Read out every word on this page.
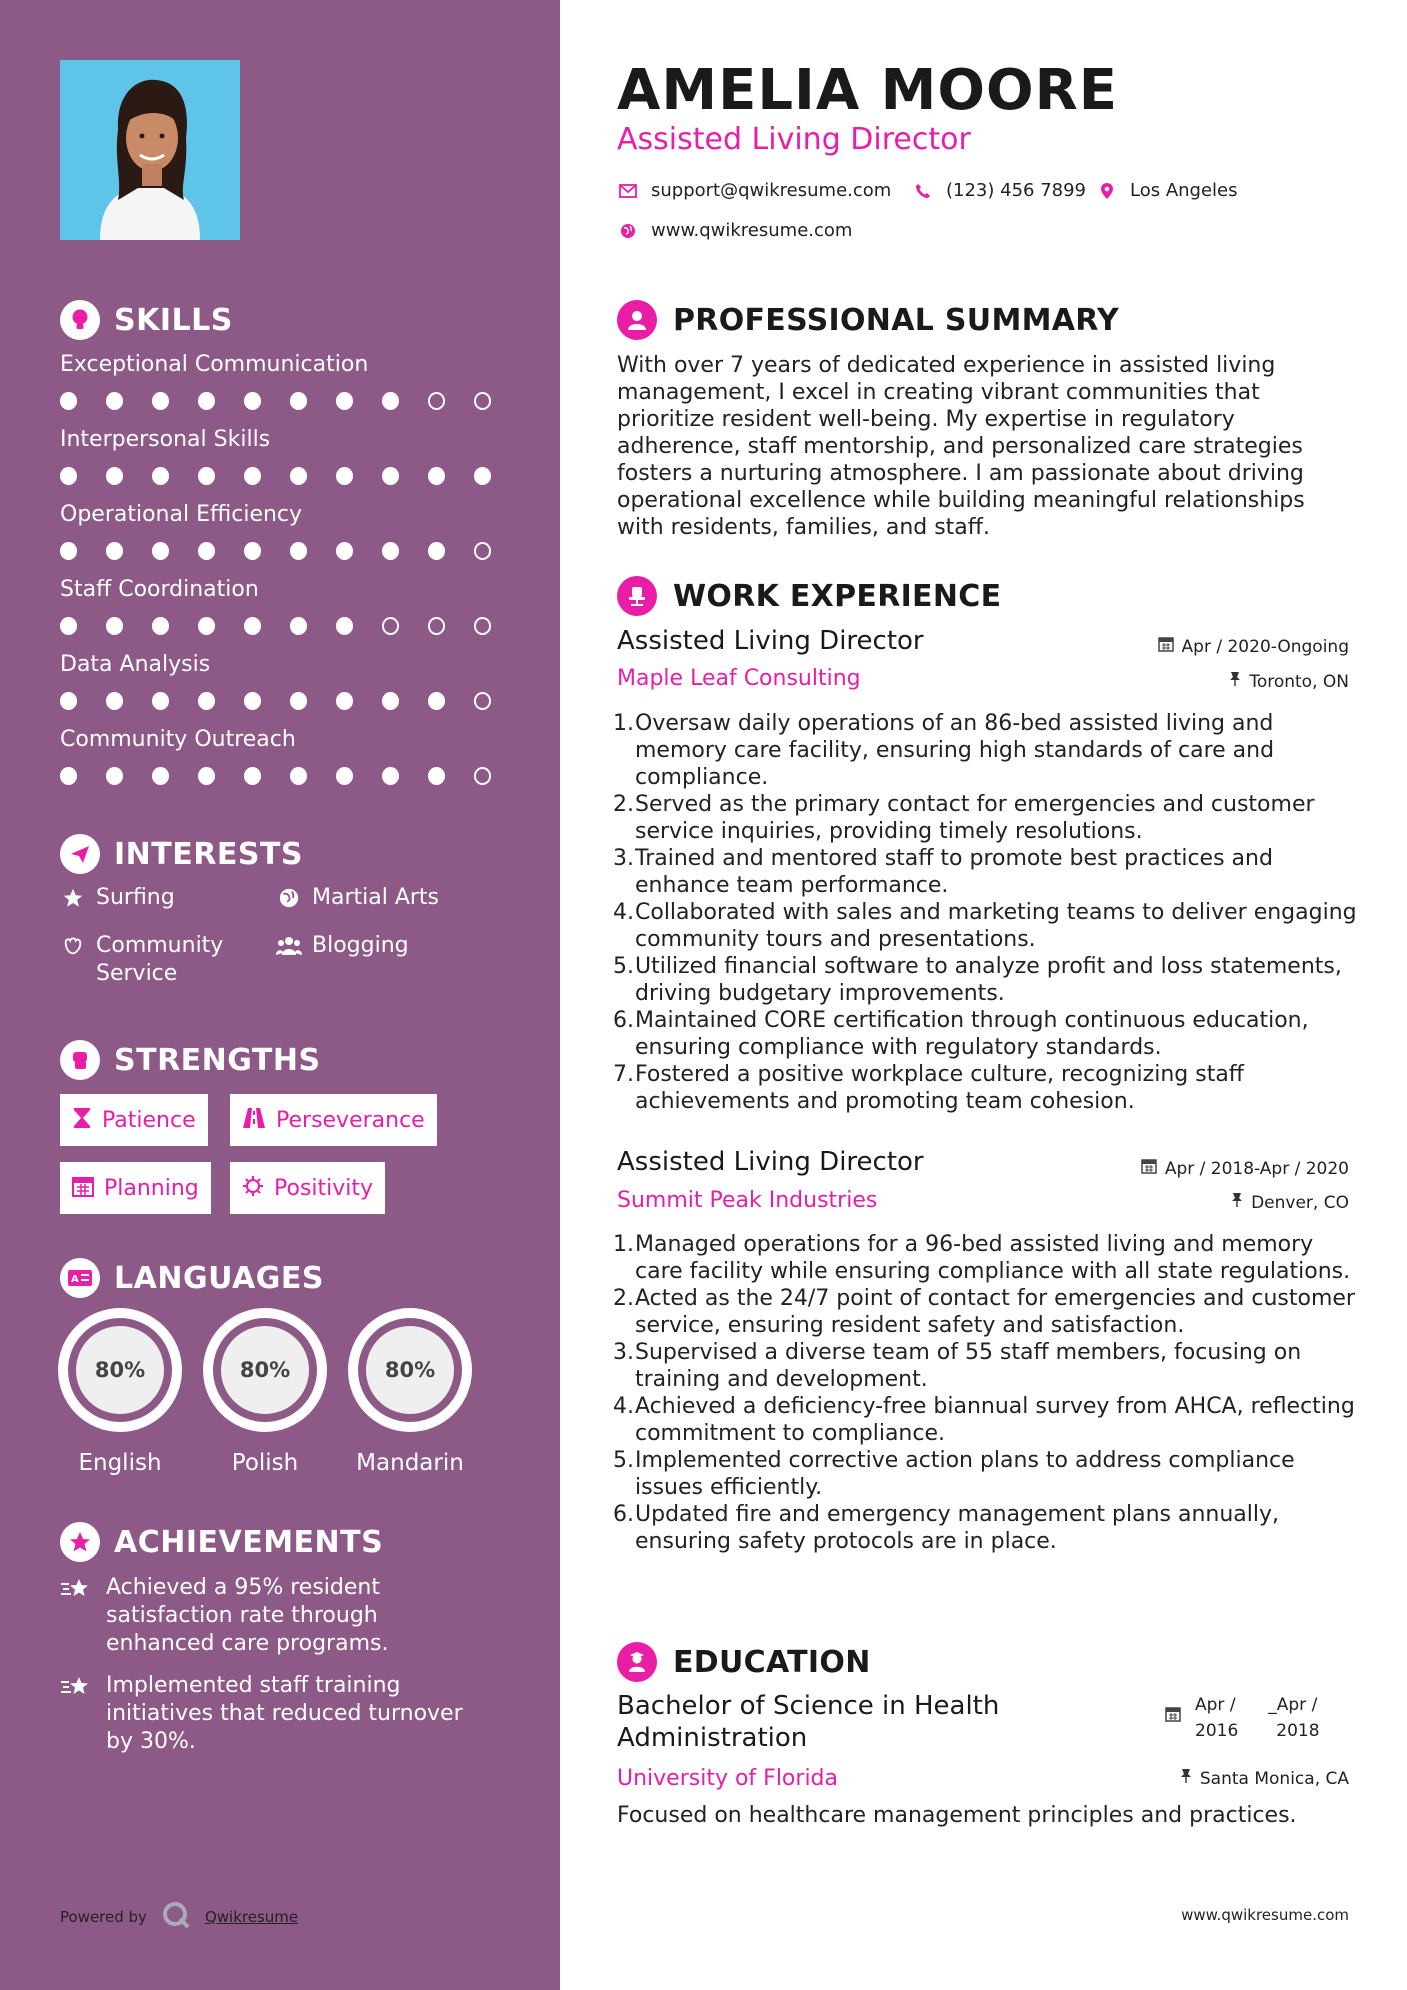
SKILLS
Exceptional Communication
Interpersonal Skills
Operational Efficiency
Staff Coordination
Data Analysis
Community Outreach
INTERESTS
Surfing	Martial Arts
Community Service
Blogging
STRENGTHS
Patience	Perseverance
Planning	Positivity
A LANGUAGES
80%
English
80%
Polish
80%
Mandarin
ACHIEVEMENTS
Achieved a 95% resident satisfaction rate through enhanced care programs.
Implemented staff training initiatives that reduced turnover by 30%.
Powered by	Qwikresume
AMELIA MOORE
Assisted Living Director
support@qwikresume.com	(123) 456 7899 Los Angeles
www.qwikresume.com
PROFESSIONAL SUMMARY
With over 7 years of dedicated experience in assisted living management, I excel in creating vibrant communities that prioritize resident well-being. My expertise in regulatory adherence, staff mentorship, and personalized care strategies fosters a nurturing atmosphere. I am passionate about driving operational excellence while building meaningful relationships with residents, families, and staff.
WORK EXPERIENCE
Assisted Living Director	Apr / 2020-Ongoing
Maple Leaf Consulting	Toronto, ON
1. Oversaw daily operations of an 86-bed assisted living and memory care facility, ensuring high standards of care and compliance.
2. Served as the primary contact for emergencies and customer service inquiries, providing timely resolutions.
3. Trained and mentored staff to promote best practices and enhance team performance.
4. Collaborated with sales and marketing teams to deliver engaging community tours and presentations.
5. Utilized financial software to analyze profit and loss statements, driving budgetary improvements.
6. Maintained CORE certification through continuous education, ensuring compliance with regulatory standards.
7. Fostered a positive workplace culture, recognizing staff achievements and promoting team cohesion.
Assisted Living Director	Apr / 2018-Apr / 2020
Summit Peak Industries	Denver, CO
1. Managed operations for a 96-bed assisted living and memory care facility while ensuring compliance with all state regulations.
2. Acted as the 24/7 point of contact for emergencies and customer service, ensuring resident safety and satisfaction.
3. Supervised a diverse team of 55 staff members, focusing on training and development.
4. Achieved a deficiency-free biannual survey from AHCA, reflecting commitment to compliance.
5. Implemented corrective action plans to address compliance issues efficiently.
6. Updated fire and emergency management plans annually, ensuring safety protocols are in place.
EDUCATION
Bachelor of Science in Health Administration
Apr /
2016
_Apr /
2018
University of Florida	Santa Monica, CA
Focused on healthcare management principles and practices.
www.qwikresume.com
